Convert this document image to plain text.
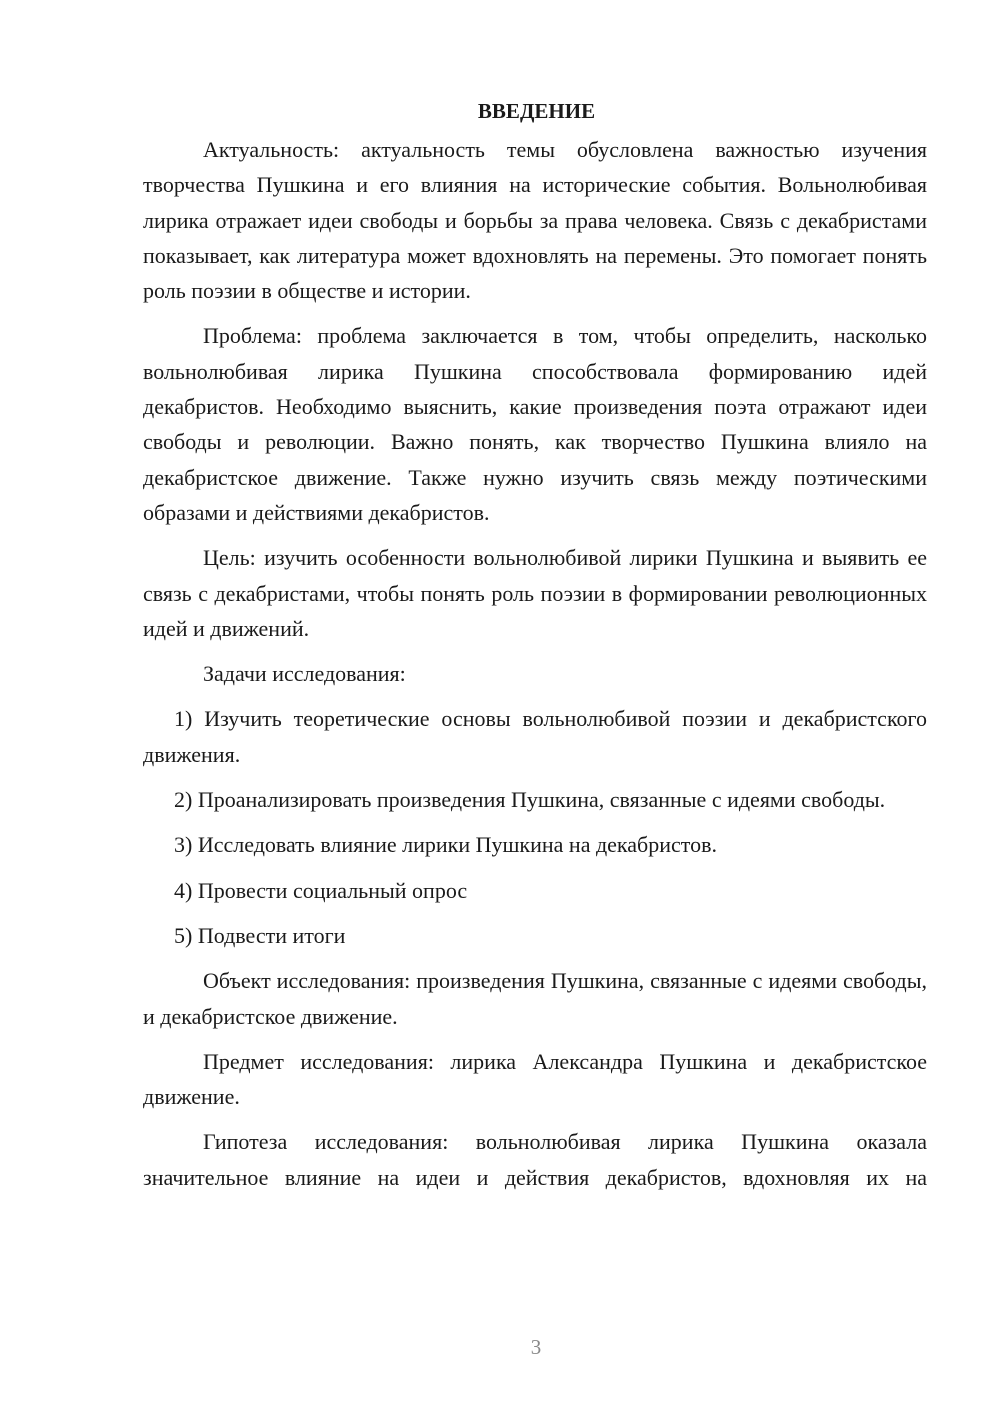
ВВЕДЕНИЕ

Актуальность: актуальность темы обусловлена важностью изучения творчества Пушкина и его влияния на исторические события. Вольнолюбивая лирика отражает идеи свободы и борьбы за права человека. Связь с декабристами показывает, как литература может вдохновлять на перемены. Это помогает понять роль поэзии в обществе и истории.

Проблема: проблема заключается в том, чтобы определить, насколько вольнолюбивая лирика Пушкина способствовала формированию идей декабристов. Необходимо выяснить, какие произведения поэта отражают идеи свободы и революции. Важно понять, как творчество Пушкина влияло на декабристское движение. Также нужно изучить связь между поэтическими образами и действиями декабристов.

Цель: изучить особенности вольнолюбивой лирики Пушкина и выявить ее связь с декабристами, чтобы понять роль поэзии в формировании революционных идей и движений.

Задачи исследования:

1) Изучить теоретические основы вольнолюбивой поэзии и декабристского движения.

2) Проанализировать произведения Пушкина, связанные с идеями свободы.

3) Исследовать влияние лирики Пушкина на декабристов.

4) Провести социальный опрос

5) Подвести итоги

Объект исследования: произведения Пушкина, связанные с идеями свободы, и декабристское движение.

Предмет исследования: лирика Александра Пушкина и декабристское движение.

Гипотеза исследования: вольнолюбивая лирика Пушкина оказала значительное влияние на идеи и действия декабристов, вдохновляя их на

3
